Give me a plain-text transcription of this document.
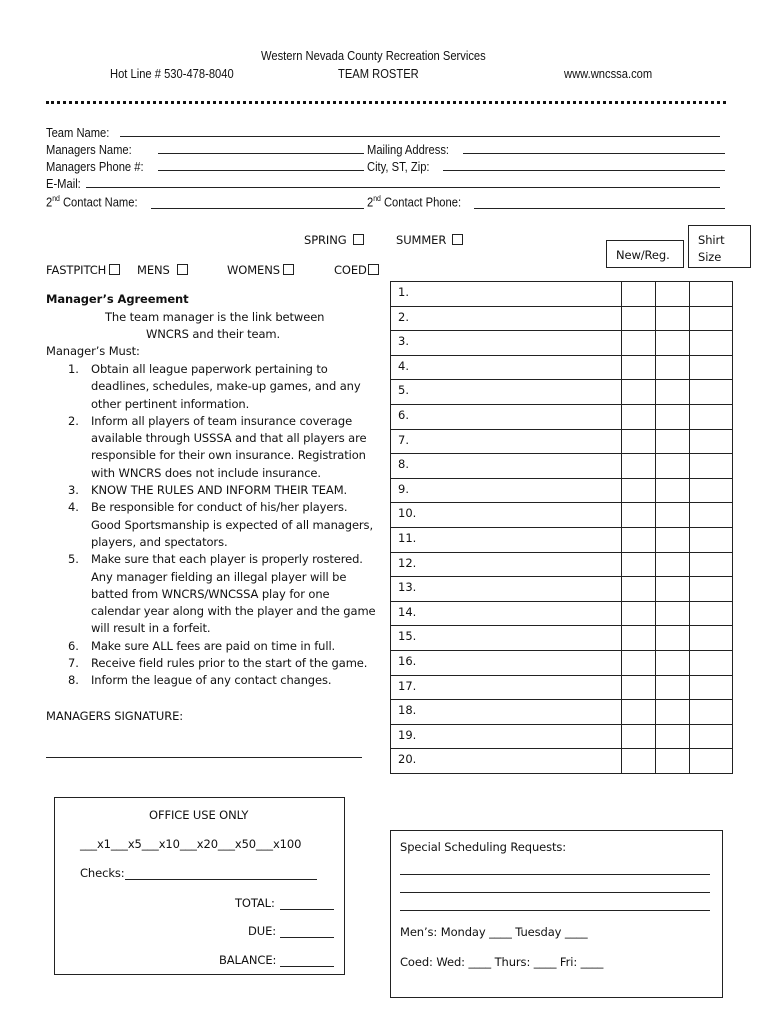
Western Nevada County Recreation Services
Hot Line # 530-478-8040	TEAM ROSTER	www.wncssa.com
Team Name:
Managers Name:	Mailing Address:
Managers Phone #:	City, ST, Zip:
E-Mail:
2nd Contact Name:	2nd Contact Phone:
SPRING	SUMMER
FASTPITCH	MENS	WOMENS	COED
New/Reg.
Shirt
Size
1.			
2.			
3.			
4.			
5.			
6.			
7.			
8.			
9.			
10.			
11.			
12.			
13.			
14.			
15.			
16.			
17.			
18.			
19.			
20.			
Manager’s Agreement
The team manager is the link between
WNCRS and their team.
Manager’s Must:
1. Obtain all league paperwork pertaining to
deadlines, schedules, make-up games, and any
other pertinent information.
2. Inform all players of team insurance coverage
available through USSSA and that all players are
responsible for their own insurance. Registration
with WNCRS does not include insurance.
3. KNOW THE RULES AND INFORM THEIR TEAM.
4. Be responsible for conduct of his/her players.
Good Sportsmanship is expected of all managers,
players, and spectators.
5. Make sure that each player is properly rostered.
Any manager fielding an illegal player will be
batted from WNCRS/WNCSSA play for one
calendar year along with the player and the game
will result in a forfeit.
6. Make sure ALL fees are paid on time in full.
7. Receive field rules prior to the start of the game.
8. Inform the league of any contact changes.
MANAGERS SIGNATURE:
OFFICE USE ONLY
___x1___x5___x10___x20___x50___x100
Checks:
TOTAL:
DUE:
BALANCE:
Special Scheduling Requests:
Men’s: Monday ____ Tuesday ____
Coed: Wed: ____ Thurs: ____ Fri: ____
